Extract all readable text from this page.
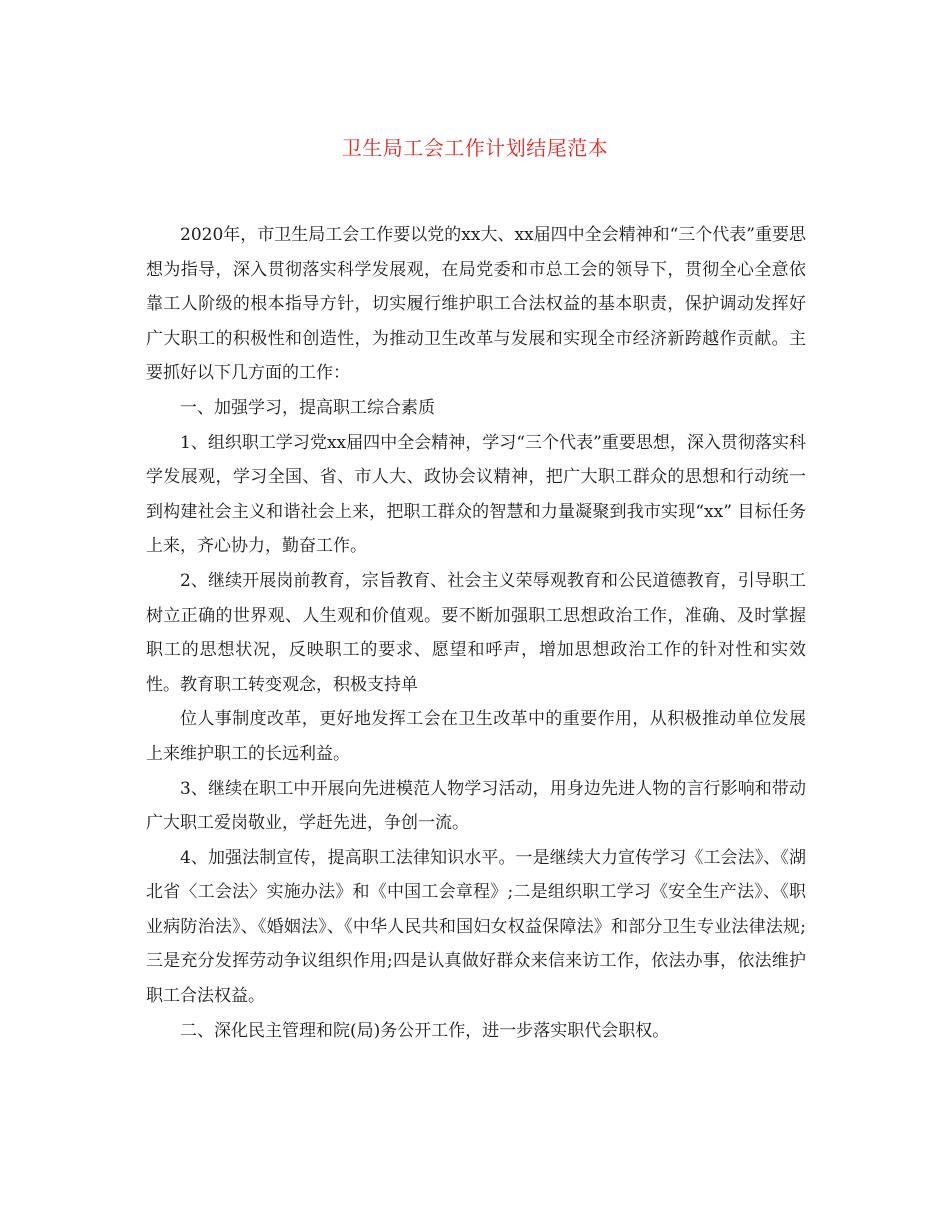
卫生局工会工作计划结尾范本

2020年，市卫生局工会工作要以党的xx大、xx届四中全会精神和“三个代表”重要思想为指导，深入贯彻落实科学发展观，在局党委和市总工会的领导下，贯彻全心全意依靠工人阶级的根本指导方针，切实履行维护职工合法权益的基本职责，保护调动发挥好广大职工的积极性和创造性，为推动卫生改革与发展和实现全市经济新跨越作贡献。主要抓好以下几方面的工作：

一、加强学习，提高职工综合素质

1、组织职工学习党xx届四中全会精神，学习“三个代表”重要思想，深入贯彻落实科学发展观，学习全国、省、市人大、政协会议精神，把广大职工群众的思想和行动统一到构建社会主义和谐社会上来，把职工群众的智慧和力量凝聚到我市实现“xx” 目标任务上来，齐心协力，勤奋工作。

2、继续开展岗前教育，宗旨教育、社会主义荣辱观教育和公民道德教育，引导职工树立正确的世界观、人生观和价值观。要不断加强职工思想政治工作，准确、及时掌握职工的思想状况，反映职工的要求、愿望和呼声，增加思想政治工作的针对性和实效性。教育职工转变观念，积极支持单

位人事制度改革，更好地发挥工会在卫生改革中的重要作用，从积极推动单位发展上来维护职工的长远利益。

3、继续在职工中开展向先进模范人物学习活动，用身边先进人物的言行影响和带动广大职工爱岗敬业，学赶先进，争创一流。

4、加强法制宣传，提高职工法律知识水平。一是继续大力宣传学习《工会法》、《湖北省〈工会法〉实施办法》和《中国工会章程》;二是组织职工学习《安全生产法》、《职业病防治法》、《婚姻法》、《中华人民共和国妇女权益保障法》和部分卫生专业法律法规;三是充分发挥劳动争议组织作用;四是认真做好群众来信来访工作，依法办事，依法维护职工合法权益。

二、深化民主管理和院(局)务公开工作，进一步落实职代会职权。
